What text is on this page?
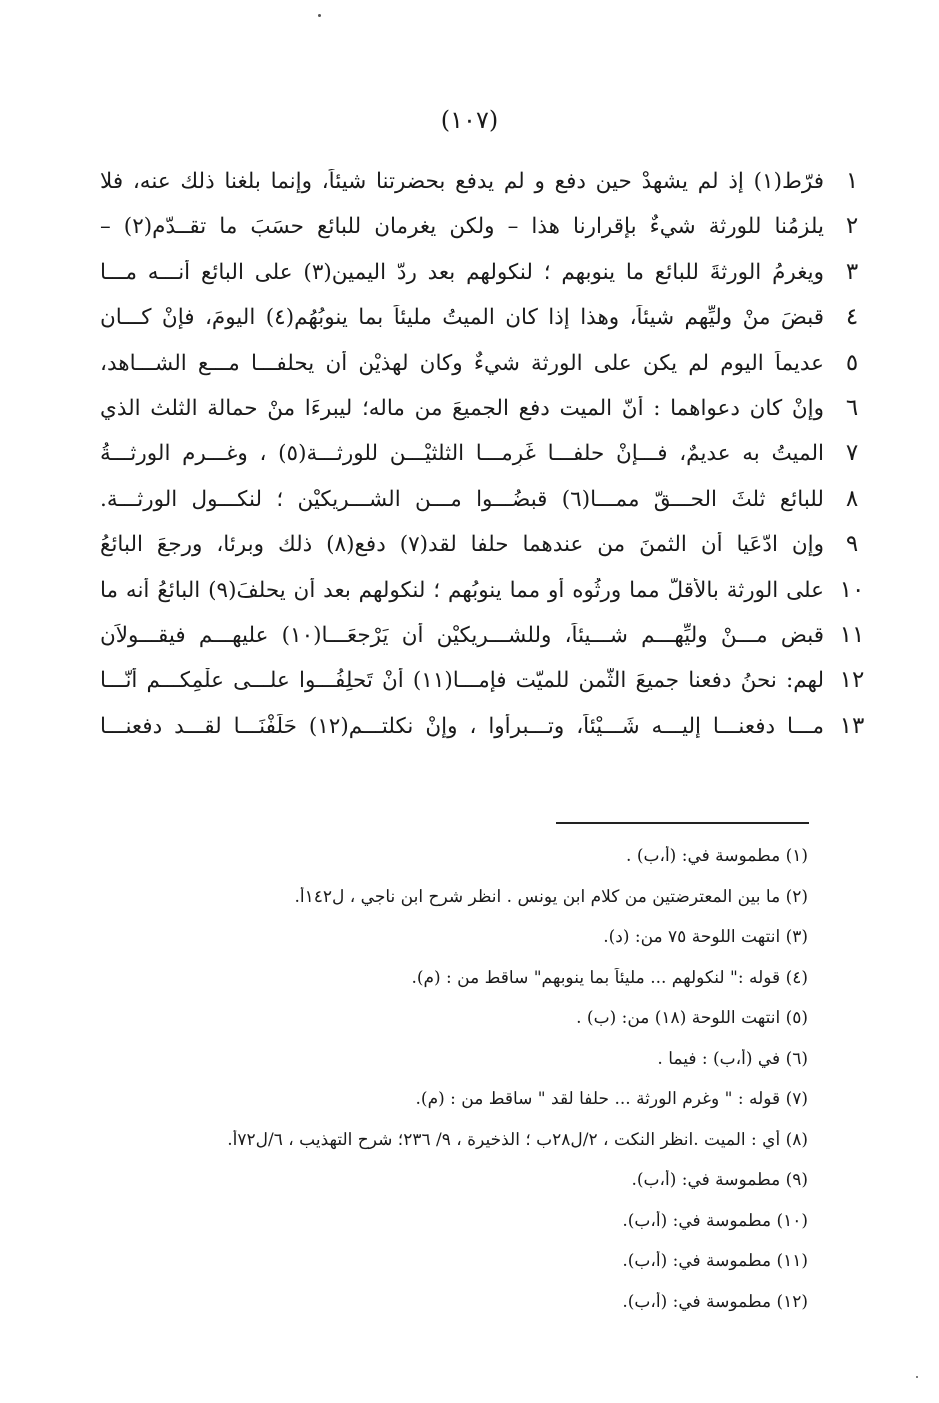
(١٠٧)
١
فرّط(١) إذ لم يشهدْ حين دفع و لم يدفع بحضرتنا شيئاً، وإنما بلغنا ذلك عنه، فلا
٢
يلزمُنا للورثة شيءٌ بإقرارنا هذا – ولكن يغرمان للبائع حسَبَ ما تقــدّم(٢) –
٣
ويغرمُ الورثةَ للبائع ما ينوبهم ؛ لنكولهم بعد ردّ اليمين(٣) على البائع أنـــه مـــا
٤
قبضَ منْ وليِّهم شيئاً، وهذا إذا كان الميتُ مليئاً بما ينوبُهُم(٤) اليومَ، فإنْ كـــان
٥
عديماً اليوم لم يكن على الورثة شيءٌ وكان لهذيْن أن يحلفـــا مـــع الشـــاهد،
٦
وإنْ كان دعواهما : أنّ الميت دفع الجميعَ من ماله؛ ليبرءَا منْ حمالة الثلث الذي
٧
الميتُ به عديمٌ، فـــإنْ حلفـــا غَرِمـــا الثلثيْـــن للورثـــة(٥) ، وغـــرم الورثـــةُ
٨
للبائع ثلثَ الحـــقّ ممـــا(٦) قبضُـــوا مـــن الشـــريكيْن ؛ لنكـــول الورثـــة.
٩
وإن ادّعَيا أن الثمنَ من عندهما حلفا لقد(٧) دفع(٨) ذلك وبرئا، ورجعَ البائعُ
١٠
على الورثة بالأقلّ مما ورثُوه أو مما ينوبُهم ؛ لنكولهم بعد أن يحلفَ(٩) البائعُ أنه ما
١١
قبض مـــنْ وليِّهـــم شـــيئاً، وللشـــريكيْن أن يَرْجعَـــا(١٠) عليهـــم فيقـــولاَن
١٢
لهم: نحنُ دفعنا جميعَ الثّمنِ للميّت فإمـــا(١١) أنْ تَحلِفُـــوا علـــى علْمِكـــم أنّـــا
١٣
مـــا دفعنـــا إليـــه شَـــيْئاً، وتـــبرأوا ، وإنْ نكلتـــم(١٢) حَلَفْنَـــا لقـــد دفعنـــا
(١) مطموسة في: (أ،ب) .
(٢) ما بين المعترضتين من كلام ابن يونس . انظر شرح ابن ناجي ، ل١٤٢أ.
(٣) انتهت اللوحة ٧٥ من: (د).
(٤) قوله :" لنكولهم ... مليئاً بما ينوبهم" ساقط من : (م).
(٥) انتهت اللوحة (١٨) من: (ب) .
(٦) في (أ،ب) : فيما .
(٧) قوله : " وغرم الورثة ... حلفا لقد " ساقط من : (م).
(٨) أي : الميت .انظر النكت ، ٢/ل٢٨ب ؛ الذخيرة ، ٩/ ٢٣٦؛ شرح التهذيب ، ٦/ل٧٢أ.
(٩) مطموسة في: (أ،ب).
(١٠) مطموسة في: (أ،ب).
(١١) مطموسة في: (أ،ب).
(١٢) مطموسة في: (أ،ب).
